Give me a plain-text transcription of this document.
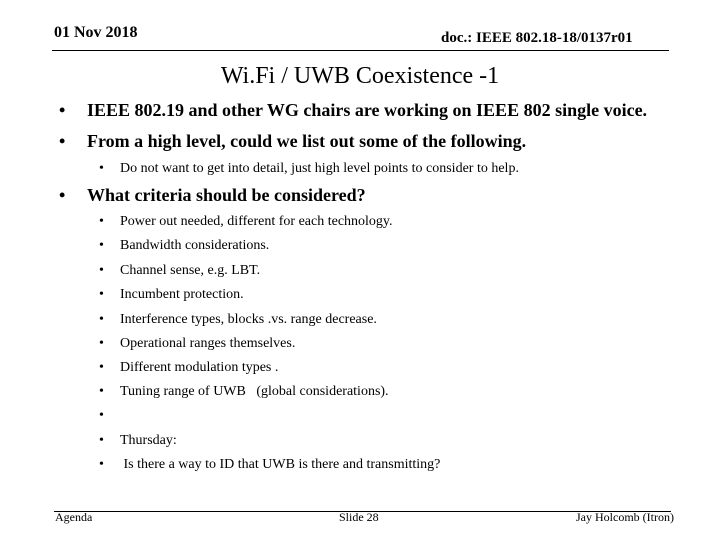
01 Nov 2018	doc.: IEEE 802.18-18/0137r01
Wi.Fi / UWB Coexistence -1
• IEEE 802.19 and other WG chairs are working on IEEE 802 single voice.
• From a high level, could we list out some of the following.
• Do not want to get into detail, just high level points to consider to help.
• What criteria should be considered?
• Power out needed, different for each technology.
• Bandwidth considerations.
• Channel sense, e.g. LBT.
• Incumbent protection.
• Interference types, blocks .vs. range decrease.
• Operational ranges themselves.
• Different modulation types .
• Tuning range of UWB   (global considerations).
•
• Thursday:
• Is there a way to ID that UWB is there and transmitting?
Agenda	Slide 28	Jay Holcomb (Itron)
